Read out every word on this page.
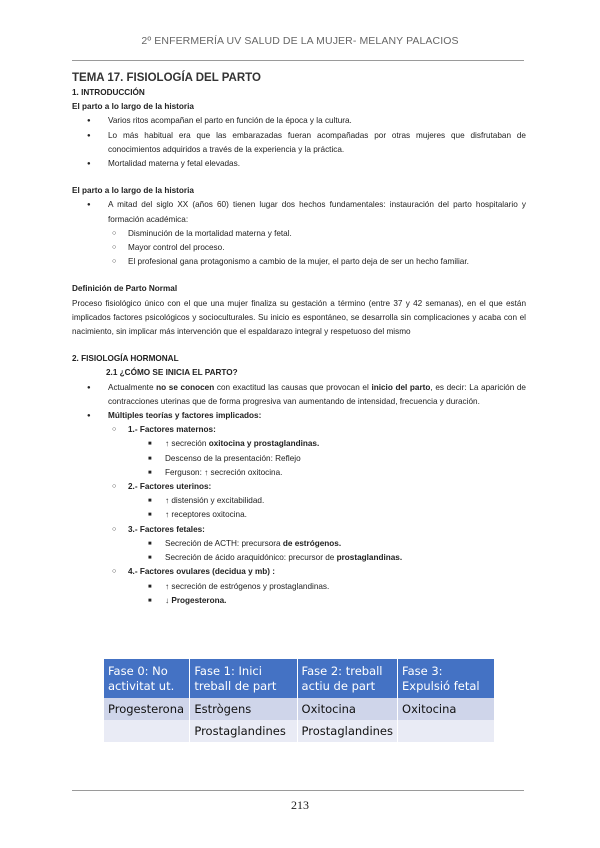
2º ENFERMERÍA UV SALUD DE LA MUJER- MELANY PALACIOS

TEMA 17. FISIOLOGÍA DEL PARTO

1. INTRODUCCIÓN

El parto a lo largo de la historia

● Varios ritos acompañan el parto en función de la época y la cultura.
● Lo más habitual era que las embarazadas fueran acompañadas por otras mujeres que disfrutaban de conocimientos adquiridos a través de la experiencia y la práctica.
● Mortalidad materna y fetal elevadas.

El parto a lo largo de la historia

● A mitad del siglo XX (años 60) tienen lugar dos hechos fundamentales: instauración del parto hospitalario y formación académica:
○ Disminución de la mortalidad materna y fetal.
○ Mayor control del proceso.
○ El profesional gana protagonismo a cambio de la mujer, el parto deja de ser un hecho familiar.

Definición de Parto Normal

Proceso fisiológico único con el que una mujer finaliza su gestación a término (entre 37 y 42 semanas), en el que están implicados factores psicológicos y socioculturales. Su inicio es espontáneo, se desarrolla sin complicaciones y acaba con el nacimiento, sin implicar más intervención que el espaldarazo integral y respetuoso del mismo

2. FISIOLOGÍA HORMONAL

2.1 ¿CÓMO SE INICIA EL PARTO?

● Actualmente no se conocen con exactitud las causas que provocan el inicio del parto, es decir: La aparición de contracciones uterinas que de forma progresiva van aumentando de intensidad, frecuencia y duración.
● Múltiples teorías y factores implicados:
○ 1.- Factores maternos:
■ ↑ secreción oxitocina y prostaglandinas.
■ Descenso de la presentación: Reflejo
■ Ferguson: ↑ secreción oxitocina.
○ 2.- Factores uterinos:
■ ↑ distensión y excitabilidad.
■ ↑ receptores oxitocina.
○ 3.- Factores fetales:
■ Secreción de ACTH: precursora de estrógenos.
■ Secreción de ácido araquidónico: precursor de prostaglandinas.
○ 4.- Factores ovulares (decidua y mb) :
■ ↑ secreción de estrógenos y prostaglandinas.
■ ↓ Progesterona.
Fase 0: No activitat ut.	Fase 1: Inici treball de part	Fase 2: treball actiu de part	Fase 3: Expulsió fetal
Progesterona	Estrògens	Oxitocina	Oxitocina
	Prostaglandines	Prostaglandines	
213
